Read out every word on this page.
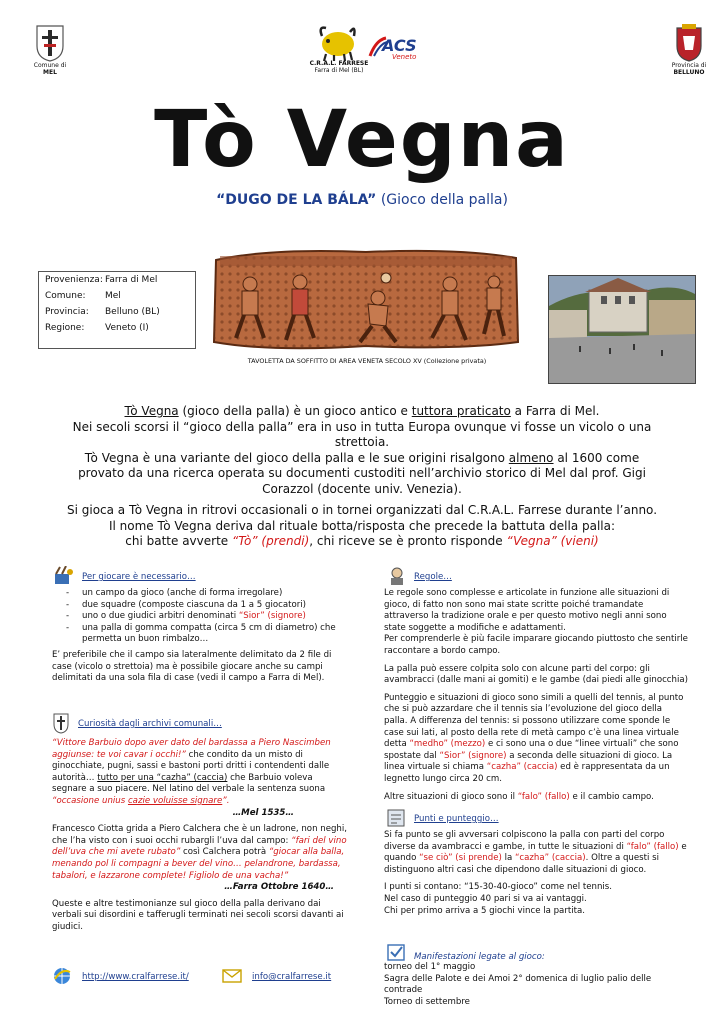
Comune di
MEL
C.R.A.L. FARRESE
Farra di Mel (BL)
ACS
Veneto
Provincia di
BELLUNO
Tò Vegna
“DUGO DE LA BÁLA” (Gioco della palla)
Provenienza: Farra di Mel
Comune:	Mel
Provincia:	Belluno (BL)
Regione:	Veneto (I)
TAVOLETTA DA SOFFITTO DI AREA VENETA SECOLO XV (Collezione privata)
Tò Vegna (gioco della palla) è un gioco antico e tuttora praticato a Farra di Mel.
Nei secoli scorsi il “gioco della palla” era in uso in tutta Europa ovunque vi fosse un vicolo o una strettoia.
Tò Vegna è una variante del gioco della palla e le sue origini risalgono almeno al 1600 come provato da una ricerca operata su documenti custoditi nell’archivio storico di Mel dal prof. Gigi Corazzol (docente univ. Venezia).
Si gioca a Tò Vegna in ritrovi occasionali o in tornei organizzati dal C.R.A.L. Farrese durante l’anno.
Il nome Tò Vegna deriva dal rituale botta/risposta che precede la battuta della palla:
chi batte avverte “Tò” (prendi), chi riceve se è pronto risponde “Vegna” (vieni)
Per giocare è necessario…
- un campo da gioco (anche di forma irregolare)
- due squadre (composte ciascuna da 1 a 5 giocatori)
- uno o due giudici arbitri denominati “Sior” (signore)
- una palla di gomma compatta (circa 5 cm di diametro) che permetta un buon rimbalzo…
E’ preferibile che il campo sia lateralmente delimitato da 2 file di case (vicolo o strettoia) ma è possibile giocare anche su campi delimitati da una sola fila di case (vedi il campo a Farra di Mel).
Curiosità dagli archivi comunali…

“Vittore Barbuio dopo aver dato del bardassa a Piero Nascimben aggiunse: te voi cavar i occhi!” che condito da un misto di ginocchiate, pugni, sassi e bastoni porti dritti i contendenti dalle autorità… tutto per una “cazha” (caccia) che Barbuio voleva segnare a suo piacere. Nel latino del verbale la sentenza suona “occasione unius cazie voluisse signare”.

…Mel 1535…

Francesco Ciotta grida a Piero Calchera che è un ladrone, non neghi, che l’ha visto con i suoi occhi rubargli l’uva dal campo: “fari del vino dell’uva che mi avete rubato” così Calchera potrà “giocar alla balla, menando pol li compagni a bever del vino… pelandrone, bardassa, tabalori, e lazzarone complete! Figliolo de una vacha!”

…Farra Ottobre 1640…

Queste e altre testimonianze sul gioco della palla derivano dai verbali sui disordini e tafferugli terminati nei secoli scorsi davanti ai giudici.

http://www.cralfarrese.it/	info@cralfarrese.it
Regole…

Le regole sono complesse e articolate in funzione alle situazioni di gioco, di fatto non sono mai state scritte poiché tramandate attraverso la tradizione orale e per questo motivo negli anni sono state soggette a modifiche e adattamenti.

Per comprenderle è più facile imparare giocando piuttosto che sentirle raccontare a bordo campo.

La palla può essere colpita solo con alcune parti del corpo: gli avambracci (dalle mani ai gomiti) e le gambe (dai piedi alle ginocchia)

Punteggio e situazioni di gioco sono simili a quelli del tennis, al punto che si può azzardare che il tennis sia l’evoluzione del gioco della palla. A differenza del tennis: si possono utilizzare come sponde le case sui lati, al posto della rete di metà campo c’è una linea virtuale detta “medho” (mezzo) e ci sono una o due “linee virtuali” che sono spostate dal “Sior” (signore) a seconda delle situazioni di gioco. La linea virtuale si chiama “cazha” (caccia) ed è rappresentata da un legnetto lungo circa 20 cm.

Altre situazioni di gioco sono il “falo” (fallo) e il cambio campo.

Punti e punteggio…

Si fa punto se gli avversari colpiscono la palla con parti del corpo diverse da avambracci e gambe, in tutte le situazioni di “falo” (fallo) e quando “se ciò” (si prende) la “cazha” (caccia). Oltre a questi si distinguono altri casi che dipendono dalle situazioni di gioco.

I punti si contano: “15-30-40-gioco” come nel tennis.

Nel caso di punteggio 40 pari si va ai vantaggi.

Chi per primo arriva a 5 giochi vince la partita.

Manifestazioni legate al gioco:

torneo del 1° maggio

Sagra delle Palote e dei Amoi 2° domenica di luglio palio delle contrade

Torneo di settembre
